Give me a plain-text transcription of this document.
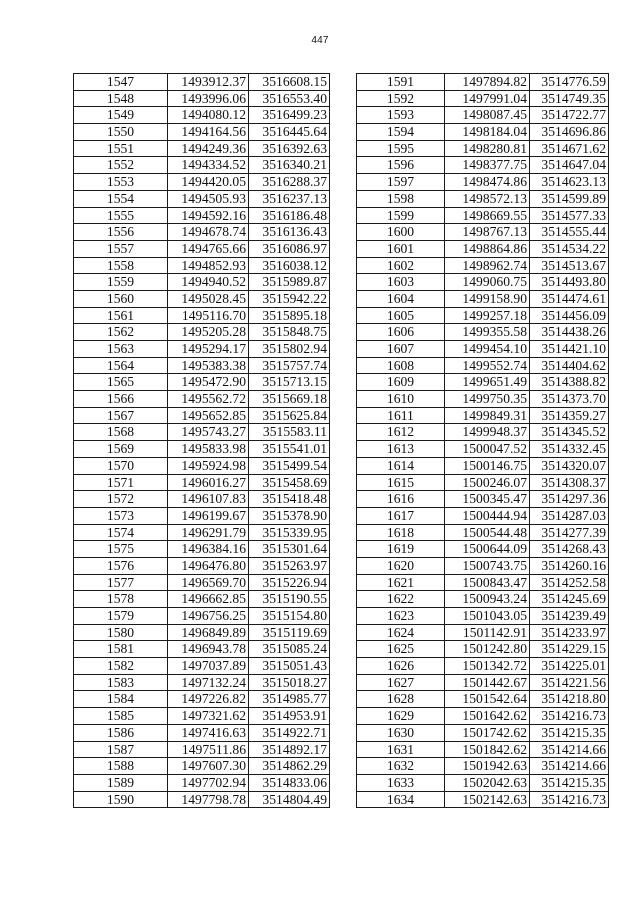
447
1547	1493912.37	3516608.15
1548	1493996.06	3516553.40
1549	1494080.12	3516499.23
1550	1494164.56	3516445.64
1551	1494249.36	3516392.63
1552	1494334.52	3516340.21
1553	1494420.05	3516288.37
1554	1494505.93	3516237.13
1555	1494592.16	3516186.48
1556	1494678.74	3516136.43
1557	1494765.66	3516086.97
1558	1494852.93	3516038.12
1559	1494940.52	3515989.87
1560	1495028.45	3515942.22
1561	1495116.70	3515895.18
1562	1495205.28	3515848.75
1563	1495294.17	3515802.94
1564	1495383.38	3515757.74
1565	1495472.90	3515713.15
1566	1495562.72	3515669.18
1567	1495652.85	3515625.84
1568	1495743.27	3515583.11
1569	1495833.98	3515541.01
1570	1495924.98	3515499.54
1571	1496016.27	3515458.69
1572	1496107.83	3515418.48
1573	1496199.67	3515378.90
1574	1496291.79	3515339.95
1575	1496384.16	3515301.64
1576	1496476.80	3515263.97
1577	1496569.70	3515226.94
1578	1496662.85	3515190.55
1579	1496756.25	3515154.80
1580	1496849.89	3515119.69
1581	1496943.78	3515085.24
1582	1497037.89	3515051.43
1583	1497132.24	3515018.27
1584	1497226.82	3514985.77
1585	1497321.62	3514953.91
1586	1497416.63	3514922.71
1587	1497511.86	3514892.17
1588	1497607.30	3514862.29
1589	1497702.94	3514833.06
1590	1497798.78	3514804.49
1591	1497894.82	3514776.59
1592	1497991.04	3514749.35
1593	1498087.45	3514722.77
1594	1498184.04	3514696.86
1595	1498280.81	3514671.62
1596	1498377.75	3514647.04
1597	1498474.86	3514623.13
1598	1498572.13	3514599.89
1599	1498669.55	3514577.33
1600	1498767.13	3514555.44
1601	1498864.86	3514534.22
1602	1498962.74	3514513.67
1603	1499060.75	3514493.80
1604	1499158.90	3514474.61
1605	1499257.18	3514456.09
1606	1499355.58	3514438.26
1607	1499454.10	3514421.10
1608	1499552.74	3514404.62
1609	1499651.49	3514388.82
1610	1499750.35	3514373.70
1611	1499849.31	3514359.27
1612	1499948.37	3514345.52
1613	1500047.52	3514332.45
1614	1500146.75	3514320.07
1615	1500246.07	3514308.37
1616	1500345.47	3514297.36
1617	1500444.94	3514287.03
1618	1500544.48	3514277.39
1619	1500644.09	3514268.43
1620	1500743.75	3514260.16
1621	1500843.47	3514252.58
1622	1500943.24	3514245.69
1623	1501043.05	3514239.49
1624	1501142.91	3514233.97
1625	1501242.80	3514229.15
1626	1501342.72	3514225.01
1627	1501442.67	3514221.56
1628	1501542.64	3514218.80
1629	1501642.62	3514216.73
1630	1501742.62	3514215.35
1631	1501842.62	3514214.66
1632	1501942.63	3514214.66
1633	1502042.63	3514215.35
1634	1502142.63	3514216.73
